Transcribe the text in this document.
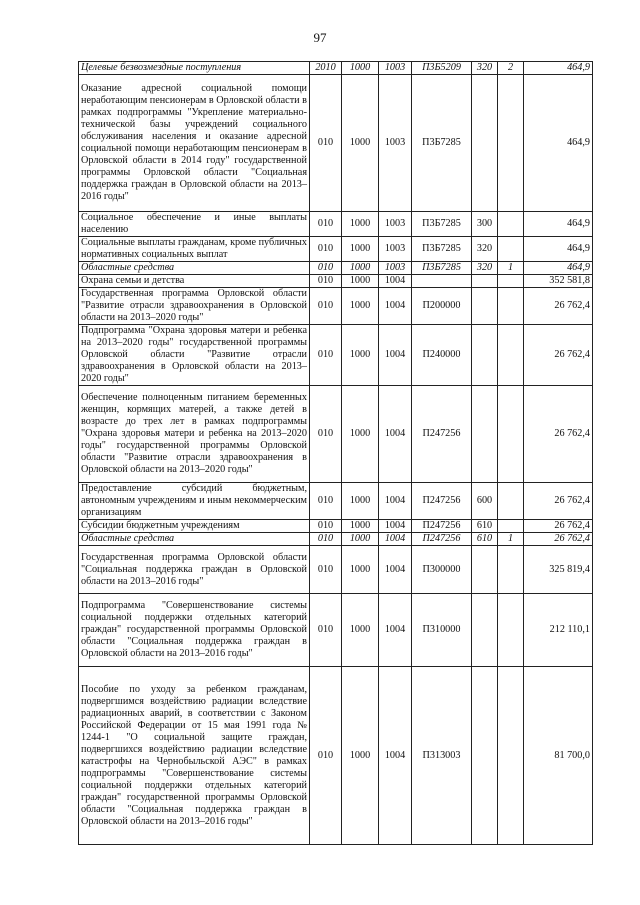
97
Целевые безвозмездные поступления	2010	1000	1003	П3Б5209	320	2	464,9
Оказание адресной социальной помощи неработающим пенсионерам в Орловской области в рамках подпрограммы "Укрепление материально-технической базы учреждений социального обслуживания населения и оказание адресной социальной помощи неработающим пенсионерам в Орловской области в 2014 году" государственной программы Орловской области "Социальная поддержка граждан в Орловской области на 2013–2016 годы"	010	1000	1003	П3Б7285			464,9
Социальное обеспечение и иные выплаты населению	010	1000	1003	П3Б7285	300		464,9
Социальные выплаты гражданам, кроме публичных нормативных социальных выплат	010	1000	1003	П3Б7285	320		464,9
Областные средства	010	1000	1003	П3Б7285	320	1	464,9
Охрана семьи и детства	010	1000	1004				352 581,8
Государственная программа Орловской области "Развитие отрасли здравоохранения в Орловской области на 2013–2020 годы"	010	1000	1004	П200000			26 762,4
Подпрограмма "Охрана здоровья матери и ребенка на 2013–2020 годы" государственной программы Орловской области "Развитие отрасли здравоохранения в Орловской области на 2013–2020 годы"	010	1000	1004	П240000			26 762,4
Обеспечение полноценным питанием беременных женщин, кормящих матерей, а также детей в возрасте до трех лет в рамках подпрограммы "Охрана здоровья матери и ребенка на 2013–2020 годы" государственной программы Орловской области "Развитие отрасли здравоохранения в Орловской области на 2013–2020 годы"	010	1000	1004	П247256			26 762,4
Предоставление субсидий бюджетным, автономным учреждениям и иным некоммерческим организациям	010	1000	1004	П247256	600		26 762,4
Субсидии бюджетным учреждениям	010	1000	1004	П247256	610		26 762,4
Областные средства	010	1000	1004	П247256	610	1	26 762,4
Государственная программа Орловской области "Социальная поддержка граждан в Орловской области на 2013–2016 годы"	010	1000	1004	П300000			325 819,4
Подпрограмма "Совершенствование системы социальной поддержки отдельных категорий граждан" государственной программы Орловской области "Социальная поддержка граждан в Орловской области на 2013–2016 годы"	010	1000	1004	П310000			212 110,1
Пособие по уходу за ребенком гражданам, подвергшимся воздействию радиации вследствие радиационных аварий, в соответствии с Законом Российской Федерации от 15 мая 1991 года № 1244-1 "О социальной защите граждан, подвергшихся воздействию радиации вследствие катастрофы на Чернобыльской АЭС" в рамках подпрограммы "Совершенствование системы социальной поддержки отдельных категорий граждан" государственной программы Орловской области "Социальная поддержка граждан в Орловской области на 2013–2016 годы"	010	1000	1004	П313003			81 700,0
